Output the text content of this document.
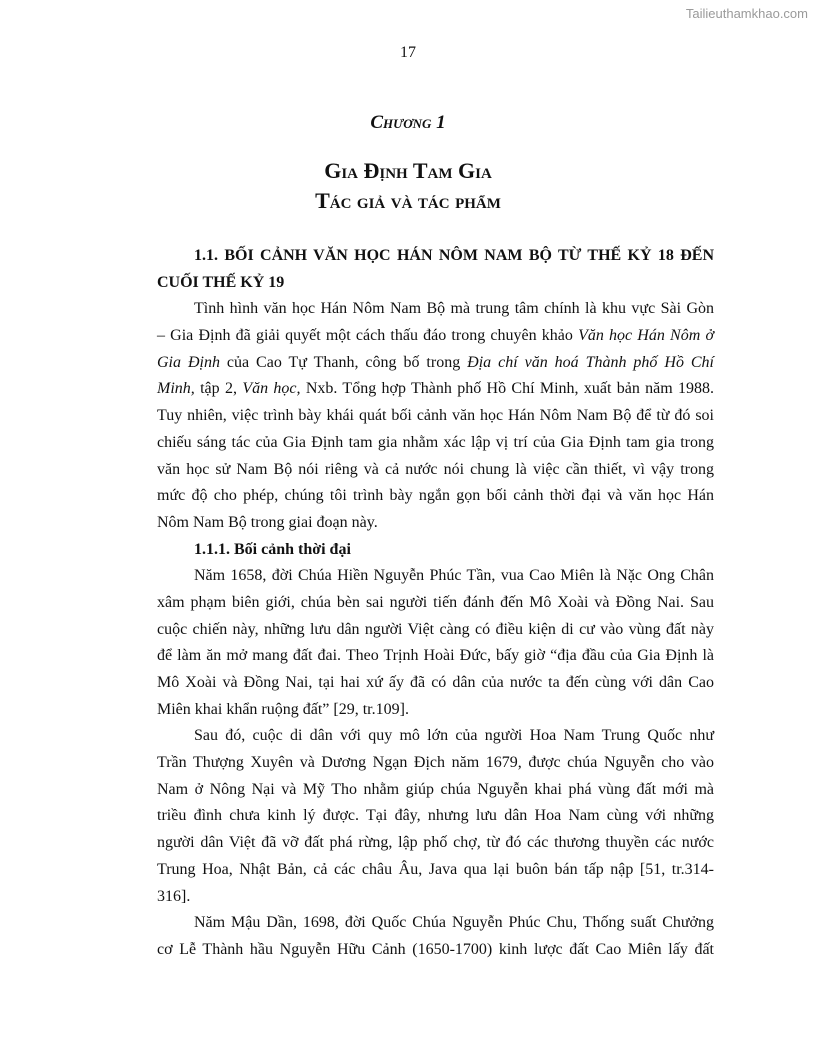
Tailieuthamkhao.com
17
Chương 1
Gia Định Tam Gia
Tác giả và tác phẩm
1.1. BỐI CẢNH VĂN HỌC HÁN NÔM NAM BỘ TỪ THẾ KỶ 18 ĐẾN
CUỐI THẾ KỶ 19
Tình hình văn học Hán Nôm Nam Bộ mà trung tâm chính là khu vực Sài Gòn
– Gia Định đã giải quyết một cách thấu đáo trong chuyên khảo Văn học Hán Nôm ở
Gia Định của Cao Tự Thanh, công bố trong Địa chí văn hoá Thành phố Hồ Chí
Minh, tập 2, Văn học, Nxb. Tổng hợp Thành phố Hồ Chí Minh, xuất bản năm 1988.
Tuy nhiên, việc trình bày khái quát bối cảnh văn học Hán Nôm Nam Bộ để từ đó soi
chiếu sáng tác của Gia Định tam gia nhằm xác lập vị trí của Gia Định tam gia trong
văn học sử Nam Bộ nói riêng và cả nước nói chung là việc cần thiết, vì vậy trong
mức độ cho phép, chúng tôi trình bày ngắn gọn bối cảnh thời đại và văn học Hán
Nôm Nam Bộ trong giai đoạn này.
1.1.1. Bối cảnh thời đại
Năm 1658, đời Chúa Hiền Nguyễn Phúc Tần, vua Cao Miên là Nặc Ong Chân
xâm phạm biên giới, chúa bèn sai người tiến đánh đến Mô Xoài và Đồng Nai. Sau
cuộc chiến này, những lưu dân người Việt càng có điều kiện di cư vào vùng đất này
để làm ăn mở mang đất đai. Theo Trịnh Hoài Đức, bấy giờ “địa đầu của Gia Định là
Mô Xoài và Đồng Nai, tại hai xứ ấy đã có dân của nước ta đến cùng với dân Cao
Miên khai khẩn ruộng đất” [29, tr.109].
Sau đó, cuộc di dân với quy mô lớn của người Hoa Nam Trung Quốc như
Trần Thượng Xuyên và Dương Ngạn Địch năm 1679, được chúa Nguyễn cho vào
Nam ở Nông Nại và Mỹ Tho nhằm giúp chúa Nguyễn khai phá vùng đất mới mà
triều đình chưa kinh lý được. Tại đây, nhưng lưu dân Hoa Nam cùng với những
người dân Việt đã vỡ đất phá rừng, lập phố chợ, từ đó các thương thuyền các nước
Trung Hoa, Nhật Bản, cả các châu Âu, Java qua lại buôn bán tấp nập [51, tr.314-
316].
Năm Mậu Dần, 1698, đời Quốc Chúa Nguyễn Phúc Chu, Thống suất Chưởng
cơ Lễ Thành hầu Nguyễn Hữu Cảnh (1650-1700) kinh lược đất Cao Miên lấy đất
